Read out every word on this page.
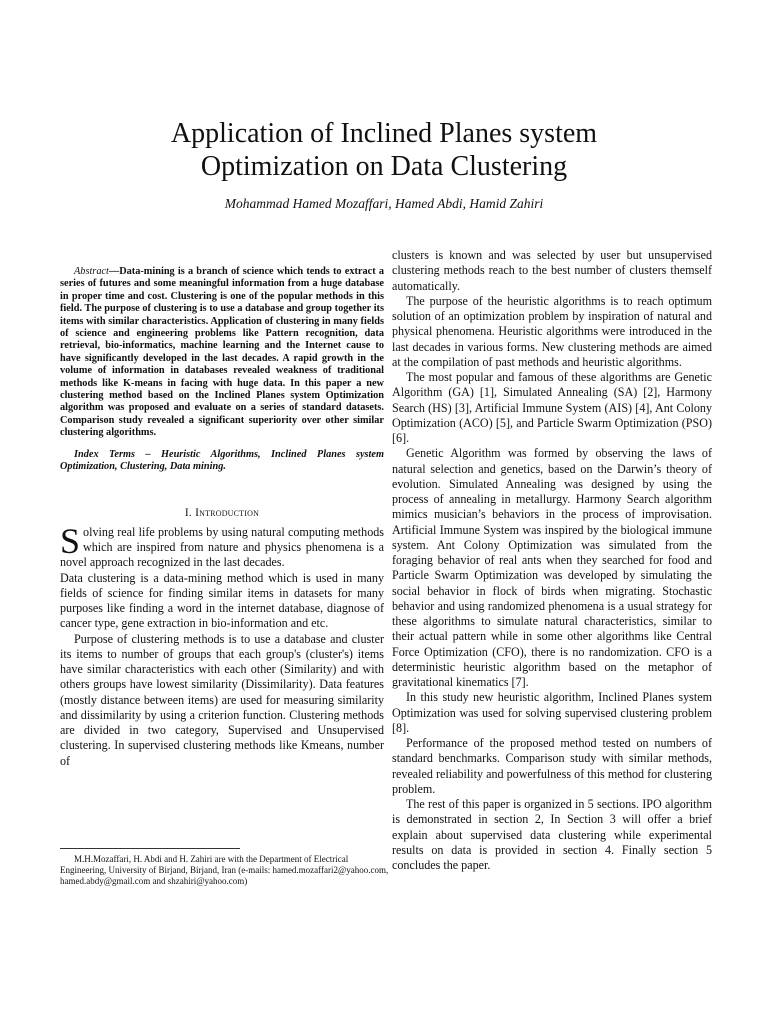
Application of Inclined Planes system
Optimization on Data Clustering
Mohammad Hamed Mozaffari, Hamed Abdi, Hamid Zahiri

Abstract—Data-mining is a branch of science which tends to extract a series of futures and some meaningful information from a huge database in proper time and cost. Clustering is one of the popular methods in this field. The purpose of clustering is to use a database and group together its items with similar characteristics. Application of clustering in many fields of science and engineering problems like Pattern recognition, data retrieval, bio-informatics, machine learning and the Internet cause to have significantly developed in the last decades. A rapid growth in the volume of information in databases revealed weakness of traditional methods like K-means in facing with huge data. In this paper a new clustering method based on the Inclined Planes system Optimization algorithm was proposed and evaluate on a series of standard datasets. Comparison study revealed a significant superiority over other similar clustering algorithms.

Index Terms – Heuristic Algorithms, Inclined Planes system Optimization, Clustering, Data mining.

I. Introduction

Solving real life problems by using natural computing methods which are inspired from nature and physics phenomena is a novel approach recognized in the last decades.

Data clustering is a data-mining method which is used in many fields of science for finding similar items in datasets for many purposes like finding a word in the internet database, diagnose of cancer type, gene extraction in bio-information and etc.

Purpose of clustering methods is to use a database and cluster its items to number of groups that each group's (cluster's) items have similar characteristics with each other (Similarity) and with others groups have lowest similarity (Dissimilarity). Data features (mostly distance between items) are used for measuring similarity and dissimilarity by using a criterion function. Clustering methods are divided in two category, Supervised and Unsupervised clustering. In supervised clustering methods like Kmeans, number of

M.H.Mozaffari, H. Abdi and H. Zahiri are with the Department of Electrical Engineering, University of Birjand, Birjand, Iran (e-mails: hamed.mozaffari2@yahoo.com, hamed.abdy@gmail.com and shzahiri@yahoo.com)

clusters is known and was selected by user but unsupervised clustering methods reach to the best number of clusters themself automatically.

The purpose of the heuristic algorithms is to reach optimum solution of an optimization problem by inspiration of natural and physical phenomena. Heuristic algorithms were introduced in the last decades in various forms. New clustering methods are aimed at the compilation of past methods and heuristic algorithms.

The most popular and famous of these algorithms are Genetic Algorithm (GA) [1], Simulated Annealing (SA) [2], Harmony Search (HS) [3], Artificial Immune System (AIS) [4], Ant Colony Optimization (ACO) [5], and Particle Swarm Optimization (PSO) [6].

Genetic Algorithm was formed by observing the laws of natural selection and genetics, based on the Darwin’s theory of evolution. Simulated Annealing was designed by using the process of annealing in metallurgy. Harmony Search algorithm mimics musician’s behaviors in the process of improvisation. Artificial Immune System was inspired by the biological immune system. Ant Colony Optimization was simulated from the foraging behavior of real ants when they searched for food and Particle Swarm Optimization was developed by simulating the social behavior in flock of birds when migrating. Stochastic behavior and using randomized phenomena is a usual strategy for these algorithms to simulate natural characteristics, similar to their actual pattern while in some other algorithms like Central Force Optimization (CFO), there is no randomization. CFO is a deterministic heuristic algorithm based on the metaphor of gravitational kinematics [7].

In this study new heuristic algorithm, Inclined Planes system Optimization was used for solving supervised clustering problem [8].

Performance of the proposed method tested on numbers of standard benchmarks. Comparison study with similar methods, revealed reliability and powerfulness of this method for clustering problem.

The rest of this paper is organized in 5 sections. IPO algorithm is demonstrated in section 2, In Section 3 will offer a brief explain about supervised data clustering while experimental results on data is provided in section 4. Finally section 5 concludes the paper.
